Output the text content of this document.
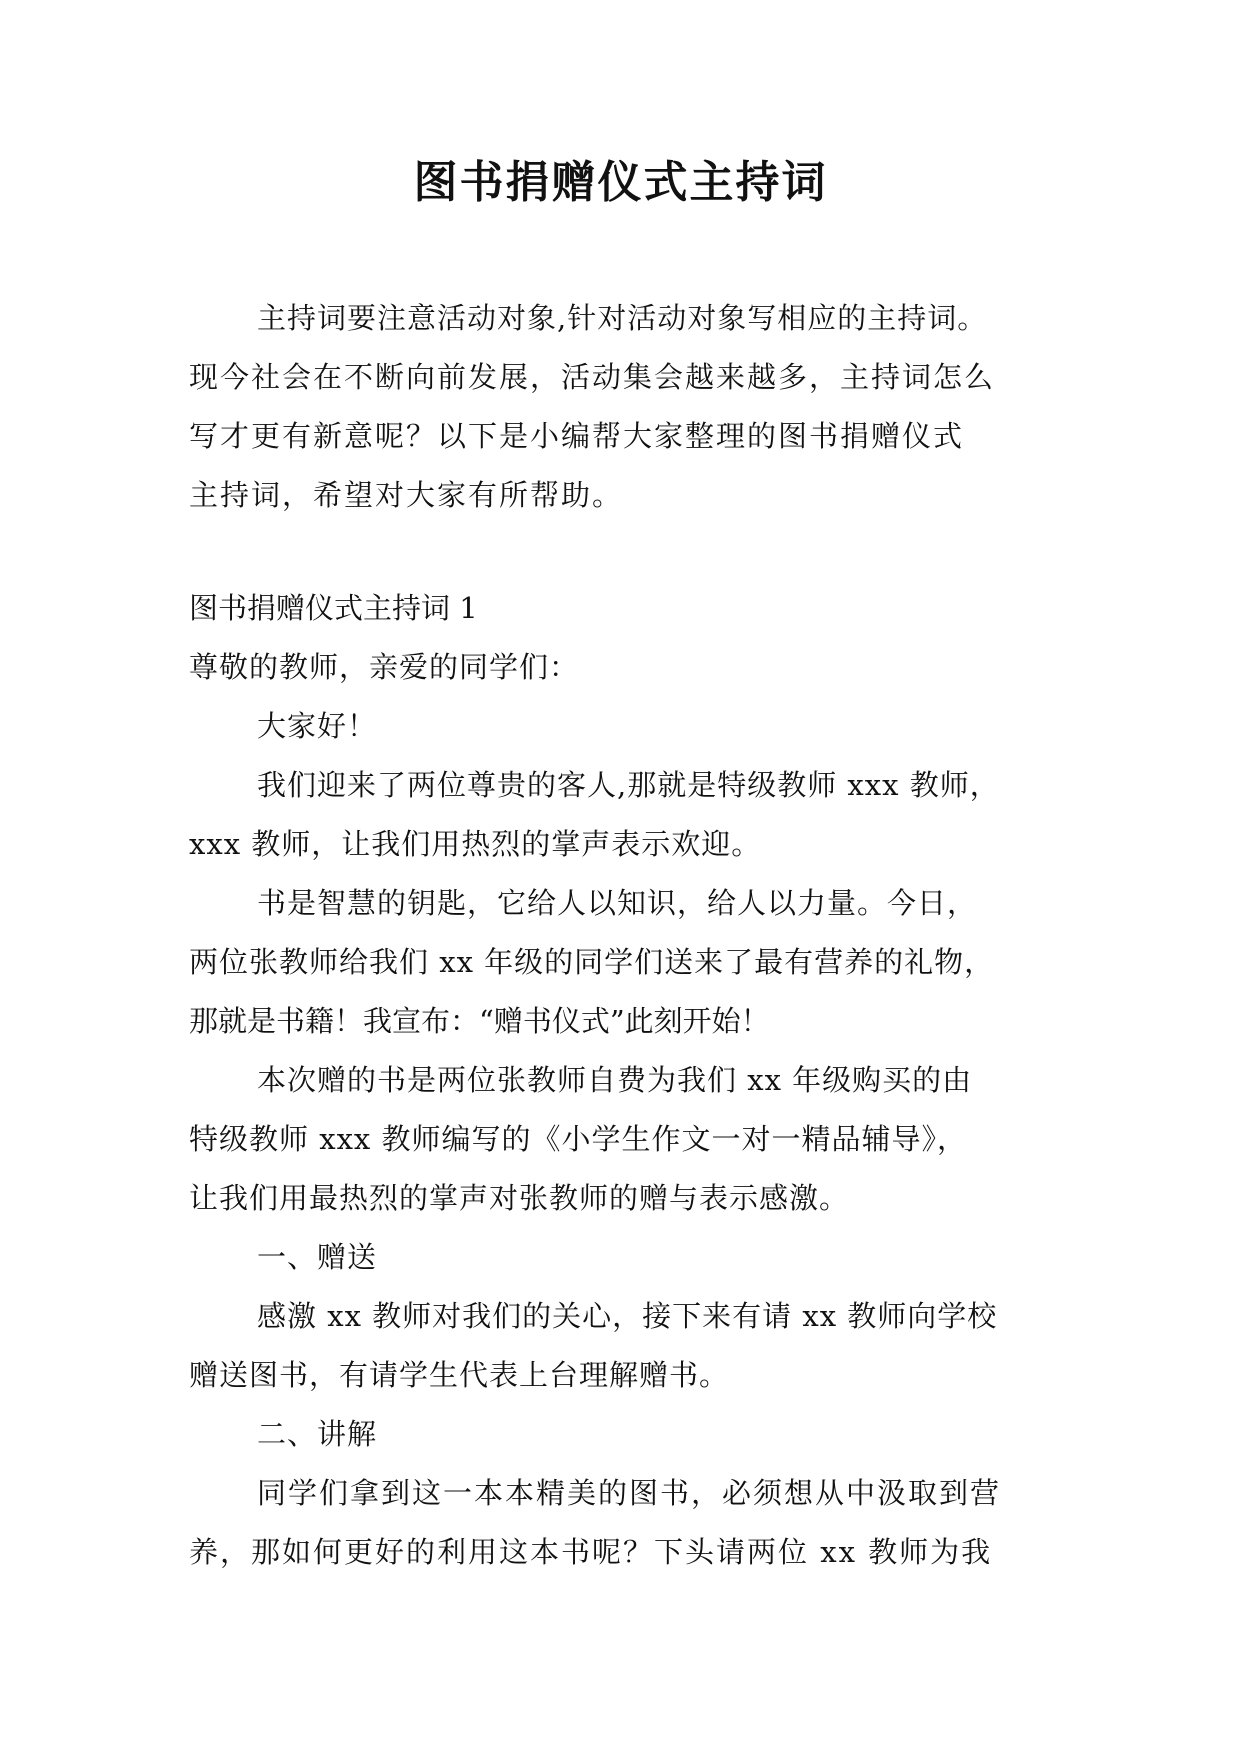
图书捐赠仪式主持词
主持词要注意活动对象,针对活动对象写相应的主持词。
现今社会在不断向前发展，活动集会越来越多，主持词怎么
写才更有新意呢？以下是小编帮大家整理的图书捐赠仪式
主持词，希望对大家有所帮助。
图书捐赠仪式主持词 1
尊敬的教师，亲爱的同学们：
大家好！
我们迎来了两位尊贵的客人,那就是特级教师 xxx 教师，
xxx 教师，让我们用热烈的掌声表示欢迎。
书是智慧的钥匙，它给人以知识，给人以力量。今日，
两位张教师给我们 xx 年级的同学们送来了最有营养的礼物，
那就是书籍！我宣布：“赠书仪式”此刻开始！
本次赠的书是两位张教师自费为我们 xx 年级购买的由
特级教师 xxx 教师编写的《小学生作文一对一精品辅导》，
让我们用最热烈的掌声对张教师的赠与表示感激。
一、赠送
感激 xx 教师对我们的关心，接下来有请 xx 教师向学校
赠送图书，有请学生代表上台理解赠书。
二、讲解
同学们拿到这一本本精美的图书，必须想从中汲取到营
养，那如何更好的利用这本书呢？下头请两位 xx 教师为我
